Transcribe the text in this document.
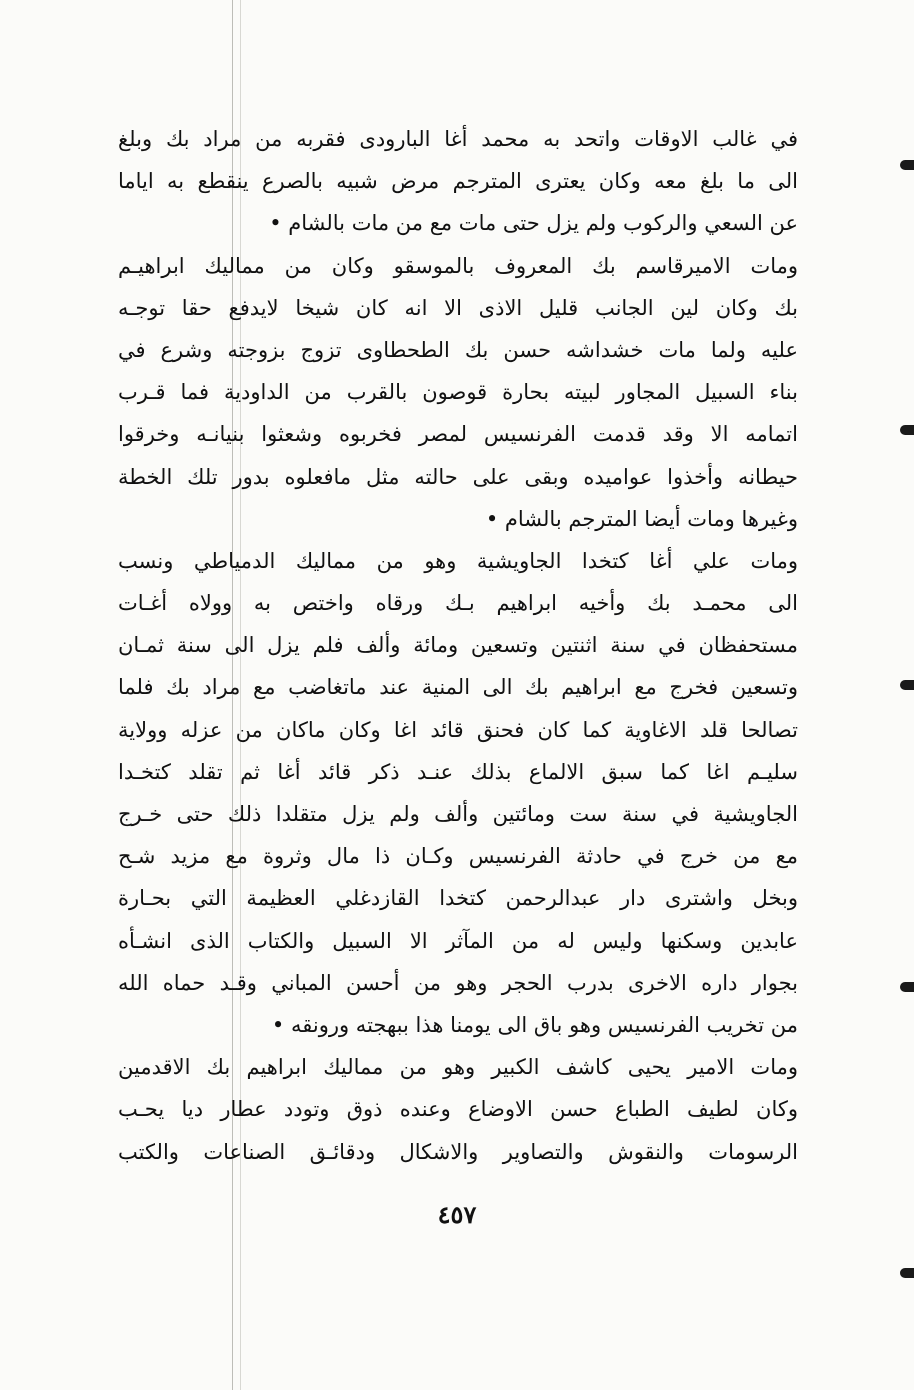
في غالب الاوقات واتحد به محمد أغا البارودى فقربه من مراد بك وبلغ
الى ما بلغ معه وكان يعترى المترجم مرض شبيه بالصرع ينقطع به اياما
عن السعي والركوب ولم يزل حتى مات مع من مات بالشام •
ومات الاميرقاسم بك المعروف بالموسقو وكان من مماليك ابراهيـم
بك وكان لين الجانب قليل الاذى الا انه كان شيخا لايدفع حقا توجـه
عليه ولما مات خشداشه حسن بك الطحطاوى تزوج بزوجته وشرع في
بناء السبيل المجاور لبيته بحارة قوصون بالقرب من الداودية فما قـرب
اتمامه الا وقد قدمت الفرنسيس لمصر فخربوه وشعثوا بنيانـه وخرقوا
حيطانه وأخذوا عواميده وبقى على حالته مثل مافعلوه بدور تلك الخطة
وغيرها ومات أيضا المترجم بالشام •
ومات علي أغا كتخدا الجاويشية وهو من مماليك الدمياطي ونسب
الى محمـد بك وأخيه ابراهيم بـك ورقاه واختص به وولاه أغـات
مستحفظان في سنة اثنتين وتسعين ومائة وألف فلم يزل الى سنة ثمـان
وتسعين فخرج مع ابراهيم بك الى المنية عند ماتغاضب مع مراد بك فلما
تصالحا قلد الاغاوية كما كان فحنق قائد اغا وكان ماكان من عزله وولاية
سليـم اغا كما سبق الالماع بذلك عنـد ذكر قائد أغا ثم تقلد كتخـدا
الجاويشية في سنة ست ومائتين وألف ولم يزل متقلدا ذلك حتى خـرج
مع من خرج في حادثة الفرنسيس وكـان ذا مال وثروة مع مزيد شـح
وبخل واشترى دار عبدالرحمن كتخدا القازدغلي العظيمة التي بحـارة
عابدين وسكنها وليس له من المآثر الا السبيل والكتاب الذى انشـأه
بجوار داره الاخرى بدرب الحجر وهو من أحسن المباني وقـد حماه الله
من تخريب الفرنسيس وهو باق الى يومنا هذا ببهجته ورونقه •
ومات الامير يحيى كاشف الكبير وهو من مماليك ابراهيم بك الاقدمين
وكان لطيف الطباع حسن الاوضاع وعنده ذوق وتودد عطار ديا يحـب
الرسومات والنقوش والتصاوير والاشكال ودقائـق الصناعات والكتب
٤٥٧
